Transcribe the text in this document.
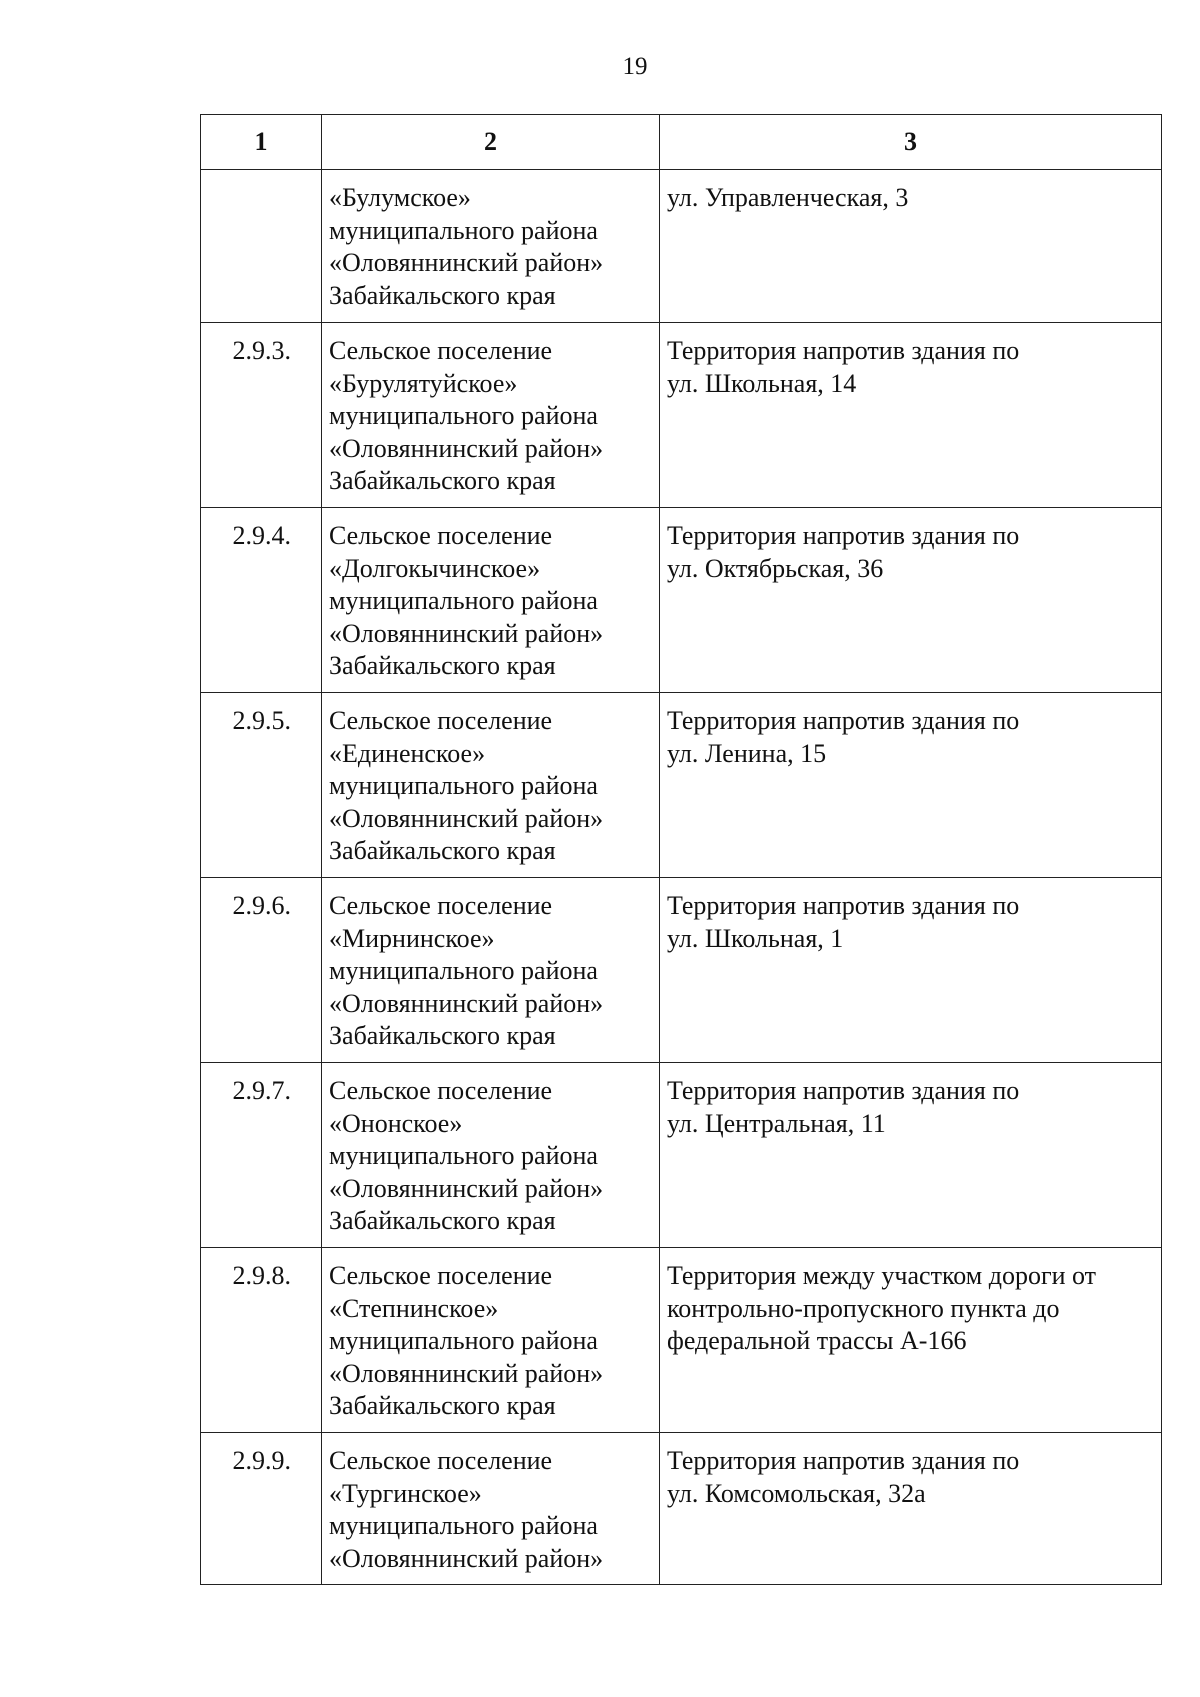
19
1	2	3

	«Булумское»
муниципального района
«Оловяннинский район»
Забайкальского края	ул. Управленческая, 3

2.9.3.	Сельское поселение
«Бурулятуйское»
муниципального района
«Оловяннинский район»
Забайкальского края	Территория напротив здания по
ул. Школьная, 14

2.9.4.	Сельское поселение
«Долгокычинское»
муниципального района
«Оловяннинский район»
Забайкальского края	Территория напротив здания по
ул. Октябрьская, 36

2.9.5.	Сельское поселение
«Единенское»
муниципального района
«Оловяннинский район»
Забайкальского края	Территория напротив здания по
ул. Ленина, 15

2.9.6.	Сельское поселение
«Мирнинское»
муниципального района
«Оловяннинский район»
Забайкальского края	Территория напротив здания по
ул. Школьная, 1

2.9.7.	Сельское поселение
«Ононское»
муниципального района
«Оловяннинский район»
Забайкальского края	Территория напротив здания по
ул. Центральная, 11

2.9.8.	Сельское поселение
«Степнинское»
муниципального района
«Оловяннинский район»
Забайкальского края	Территория между участком дороги от
контрольно-пропускного пункта до
федеральной трассы А-166

2.9.9.	Сельское поселение
«Тургинское»
муниципального района
«Оловяннинский район»	Территория напротив здания по
ул. Комсомольская, 32а
